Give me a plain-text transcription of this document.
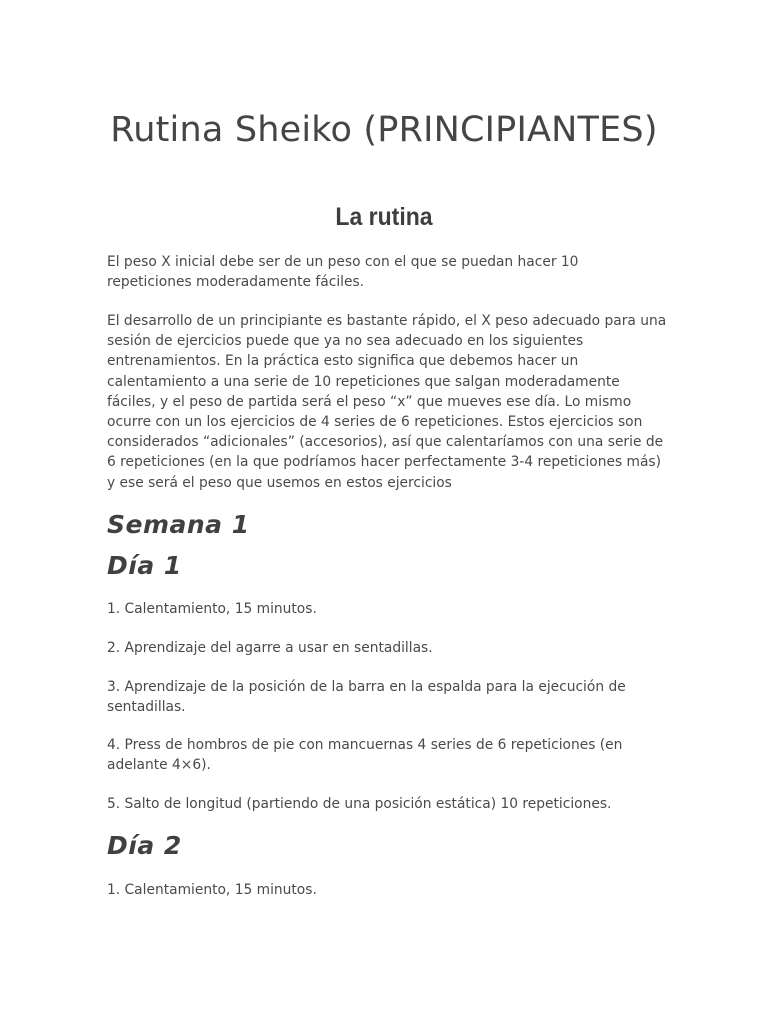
Rutina Sheiko (PRINCIPIANTES)
La rutina

El peso X inicial debe ser de un peso con el que se puedan hacer 10 repeticiones moderadamente fáciles.

El desarrollo de un principiante es bastante rápido, el X peso adecuado para una sesión de ejercicios puede que ya no sea adecuado en los siguientes entrenamientos. En la práctica esto significa que debemos hacer un calentamiento a una serie de 10 repeticiones que salgan moderadamente fáciles, y el peso de partida será el peso “x” que mueves ese día. Lo mismo ocurre con un los ejercicios de 4 series de 6 repeticiones. Estos ejercicios son considerados “adicionales” (accesorios), así que calentaríamos con una serie de 6 repeticiones (en la que podríamos hacer perfectamente 3-4 repeticiones más) y ese será el peso que usemos en estos ejercicios

Semana 1
Día 1

1. Calentamiento, 15 minutos.

2. Aprendizaje del agarre a usar en sentadillas.

3. Aprendizaje de la posición de la barra en la espalda para la ejecución de sentadillas.

4. Press de hombros de pie con mancuernas 4 series de 6 repeticiones (en adelante 4×6).

5. Salto de longitud (partiendo de una posición estática) 10 repeticiones.

Día 2

1. Calentamiento, 15 minutos.
